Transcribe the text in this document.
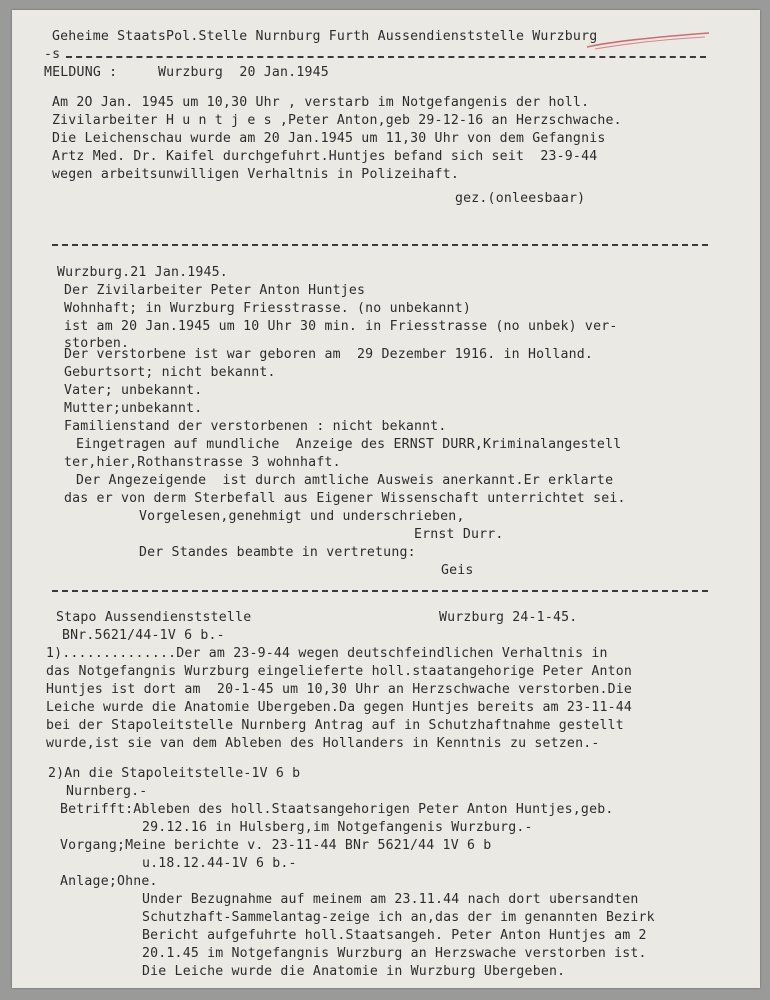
Geheime StaatsPol.Stelle Nurnburg Furth Aussendienststelle Wurzburg
-s
MELDUNG :     Wurzburg  20 Jan.1945
Am 2O Jan. 1945 um 10,30 Uhr , verstarb im Notgefangenis der holl.
Zivilarbeiter H u n t j e s ,Peter Anton,geb 29-12-16 an Herzschwache.
Die Leichenschau wurde am 20 Jan.1945 um 11,30 Uhr von dem Gefangnis
Artz Med. Dr. Kaifel durchgefuhrt.Huntjes befand sich seit  23-9-44
wegen arbeitsunwilligen Verhaltnis in Polizeihaft.
gez.(onleesbaar)
Wurzburg.21 Jan.1945.
Der Zivilarbeiter Peter Anton Huntjes
Wohnhaft; in Wurzburg Friesstrasse. (no unbekannt)
ist am 20 Jan.1945 um 10 Uhr 30 min. in Friesstrasse (no unbek) ver-
storben.
Der verstorbene ist war geboren am  29 Dezember 1916. in Holland.
Geburtsort; nicht bekannt.
Vater; unbekannt.
Mutter;unbekannt.
Familienstand der verstorbenen : nicht bekannt.
Eingetragen auf mundliche  Anzeige des ERNST DURR,Kriminalangestell
ter,hier,Rothanstrasse 3 wohnhaft.
Der Angezeigende  ist durch amtliche Ausweis anerkannt.Er erklarte
das er von derm Sterbefall aus Eigener Wissenschaft unterrichtet sei.
Vorgelesen,genehmigt und underschrieben,
Ernst Durr.
Der Standes beambte in vertretung:
Geis
Stapo Aussendienststelle	Wurzburg 24-1-45.
BNr.5621/44-1V 6 b.-
1)..............Der am 23-9-44 wegen deutschfeindlichen Verhaltnis in
das Notgefangnis Wurzburg eingelieferte holl.staatangehorige Peter Anton
Huntjes ist dort am  20-1-45 um 10,30 Uhr an Herzschwache verstorben.Die
Leiche wurde die Anatomie Ubergeben.Da gegen Huntjes bereits am 23-11-44
bei der Stapoleitstelle Nurnberg Antrag auf in Schutzhaftnahme gestellt
wurde,ist sie van dem Ableben des Hollanders in Kenntnis zu setzen.-
2)An die Stapoleitstelle-1V 6 b
Nurnberg.-
Betrifft:Ableben des holl.Staatsangehorigen Peter Anton Huntjes,geb.
29.12.16 in Hulsberg,im Notgefangenis Wurzburg.-
Vorgang;Meine berichte v. 23-11-44 BNr 5621/44 1V 6 b
u.18.12.44-1V 6 b.-
Anlage;Ohne.
Under Bezugnahme auf meinem am 23.11.44 nach dort ubersandten
Schutzhaft-Sammelantag-zeige ich an,das der im genannten Bezirk
Bericht aufgefuhrte holl.Staatsangeh. Peter Anton Huntjes am 2
20.1.45 im Notgefangnis Wurzburg an Herzswache verstorben ist.
Die Leiche wurde die Anatomie in Wurzburg Ubergeben.
